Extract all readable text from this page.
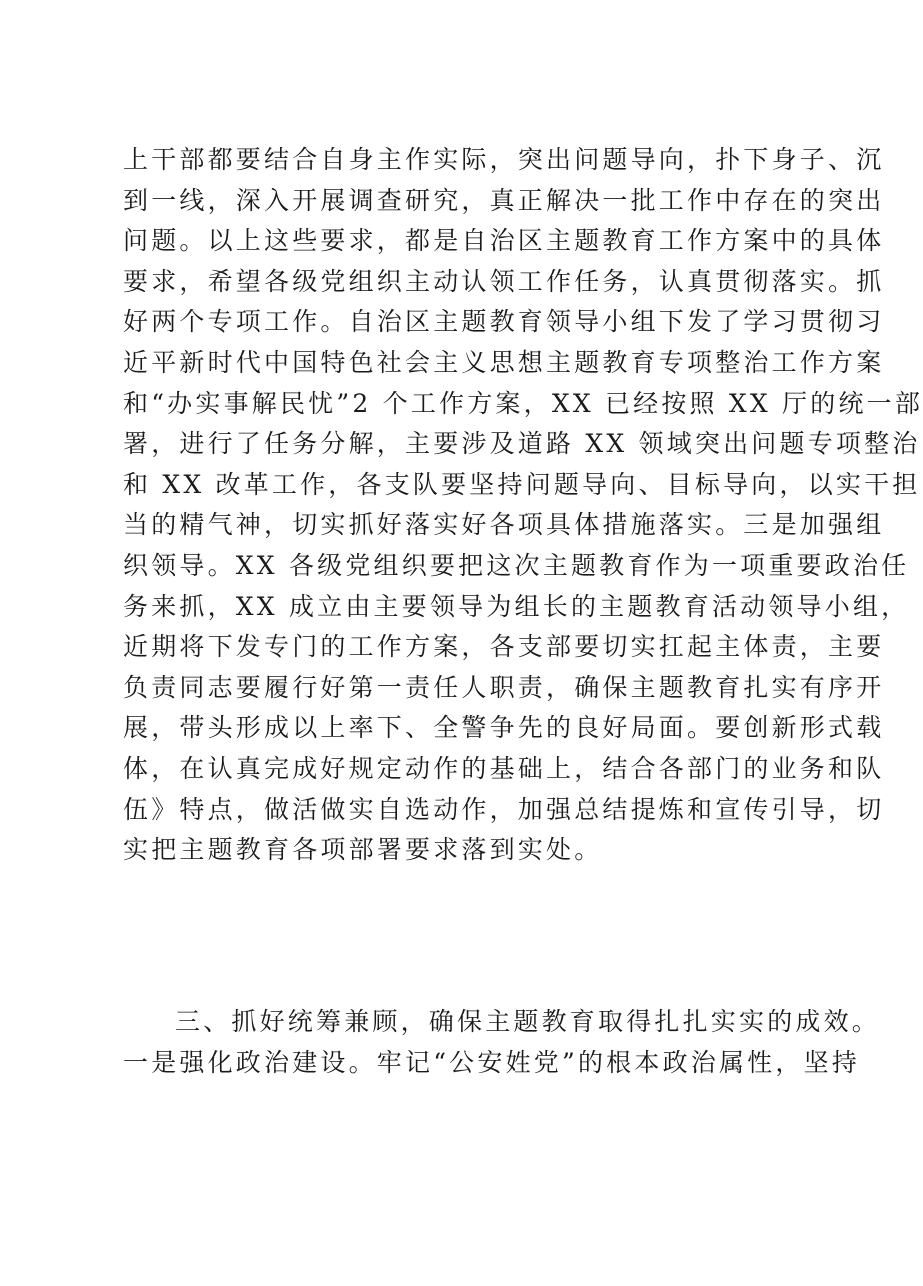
上干部都要结合自身主作实际，突出问题导向，扑下身子、沉
到一线，深入开展调查研究，真正解决一批工作中存在的突出
问题。以上这些要求，都是自治区主题教育工作方案中的具体
要求，希望各级党组织主动认领工作任务，认真贯彻落实。抓
好两个专项工作。自治区主题教育领导小组下发了学习贯彻习
近平新时代中国特色社会主义思想主题教育专项整治工作方案
和“办实事解民忧”2 个工作方案，XX 已经按照 XX 厅的统一部
署，进行了任务分解，主要涉及道路 XX 领域突出问题专项整治
和 XX 改革工作，各支队要坚持问题导向、目标导向，以实干担
当的精气神，切实抓好落实好各项具体措施落实。三是加强组
织领导。XX 各级党组织要把这次主题教育作为一项重要政治任
务来抓，XX 成立由主要领导为组长的主题教育活动领导小组，
近期将下发专门的工作方案，各支部要切实扛起主体责，主要
负责同志要履行好第一责任人职责，确保主题教育扎实有序开
展，带头形成以上率下、全警争先的良好局面。要创新形式载
体，在认真完成好规定动作的基础上，结合各部门的业务和队
伍》特点，做活做实自选动作，加强总结提炼和宣传引导，切
实把主题教育各项部署要求落到实处。
三、抓好统筹兼顾，确保主题教育取得扎扎实实的成效。
一是强化政治建设。牢记“公安姓党”的根本政治属性，坚持
